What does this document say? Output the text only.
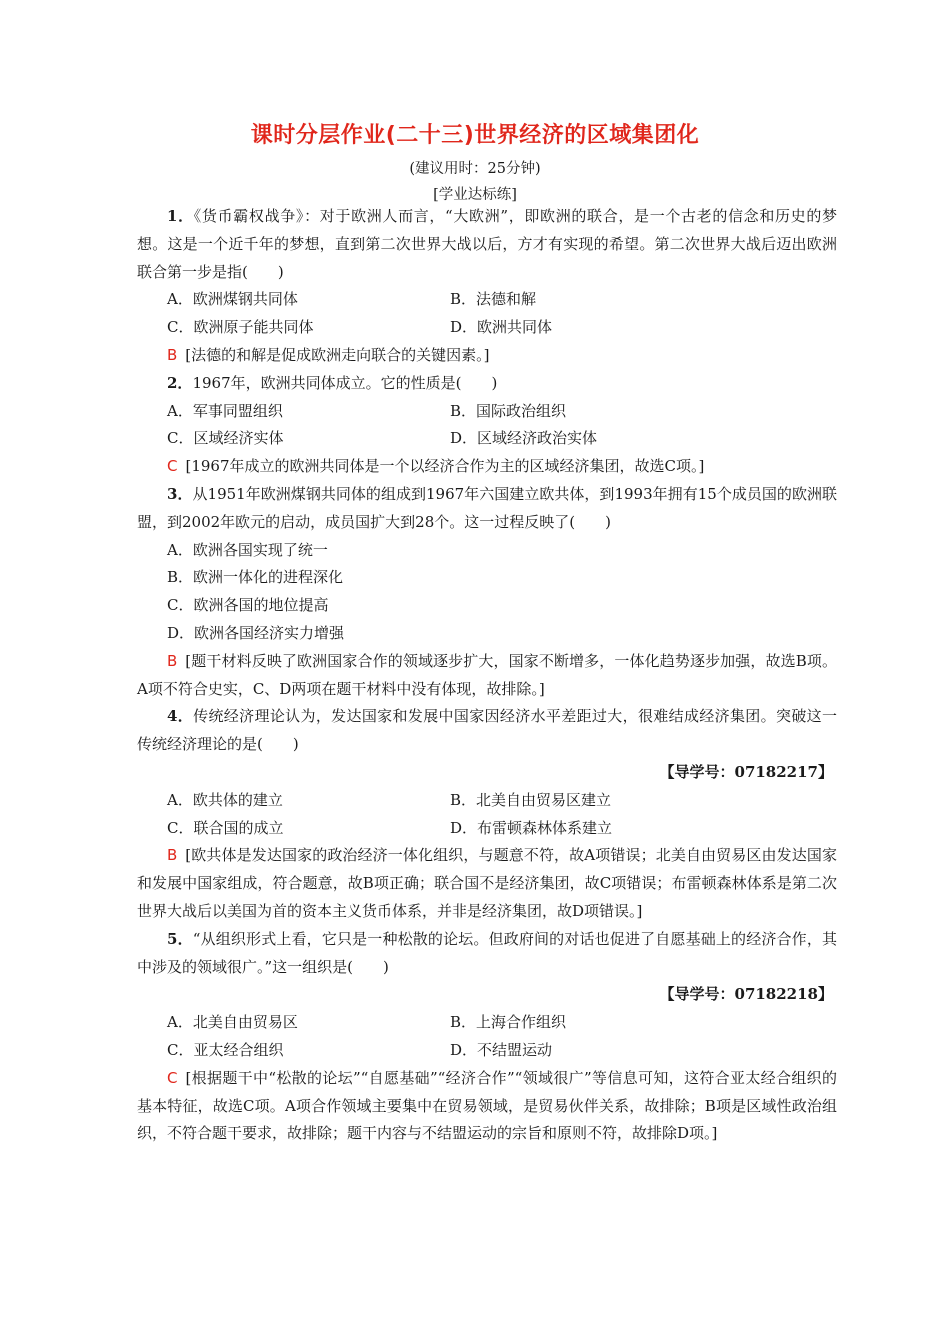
课时分层作业(二十三)世界经济的区域集团化
(建议用时：25分钟)
[学业达标练]

1．《货币霸权战争》：对于欧洲人而言，“大欧洲”，即欧洲的联合，是一个古老的信念和历史的梦想。这是一个近千年的梦想，直到第二次世界大战以后，方才有实现的希望。第二次世界大战后迈出欧洲联合第一步是指(　　)

A．欧洲煤钢共同体	B．法德和解
C．欧洲原子能共同体	D．欧洲共同体

B [法德的和解是促成欧洲走向联合的关键因素。]

2．1967年，欧洲共同体成立。它的性质是(　　)

A．军事同盟组织	B．国际政治组织
C．区域经济实体	D．区域经济政治实体

C [1967年成立的欧洲共同体是一个以经济合作为主的区域经济集团，故选C项。]

3．从1951年欧洲煤钢共同体的组成到1967年六国建立欧共体，到1993年拥有15个成员国的欧洲联盟，到2002年欧元的启动，成员国扩大到28个。这一过程反映了(　　)

A．欧洲各国实现了统一
B．欧洲一体化的进程深化
C．欧洲各国的地位提高
D．欧洲各国经济实力增强

B [题干材料反映了欧洲国家合作的领域逐步扩大，国家不断增多，一体化趋势逐步加强，故选B项。A项不符合史实，C、D两项在题干材料中没有体现，故排除。]

4．传统经济理论认为，发达国家和发展中国家因经济水平差距过大，很难结成经济集团。突破这一传统经济理论的是(　　)

【导学号：07182217】

A．欧共体的建立	B．北美自由贸易区建立
C．联合国的成立	D．布雷顿森林体系建立

B [欧共体是发达国家的政治经济一体化组织，与题意不符，故A项错误；北美自由贸易区由发达国家和发展中国家组成，符合题意，故B项正确；联合国不是经济集团，故C项错误；布雷顿森林体系是第二次世界大战后以美国为首的资本主义货币体系，并非是经济集团，故D项错误。]

5．“从组织形式上看，它只是一种松散的论坛。但政府间的对话也促进了自愿基础上的经济合作，其中涉及的领域很广。”这一组织是(　　)

【导学号：07182218】

A．北美自由贸易区	B．上海合作组织
C．亚太经合组织	D．不结盟运动

C [根据题干中“松散的论坛”“自愿基础”“经济合作”“领域很广”等信息可知，这符合亚太经合组织的基本特征，故选C项。A项合作领域主要集中在贸易领域，是贸易伙伴关系，故排除；B项是区域性政治组织，不符合题干要求，故排除；题干内容与不结盟运动的宗旨和原则不符，故排除D项。]
